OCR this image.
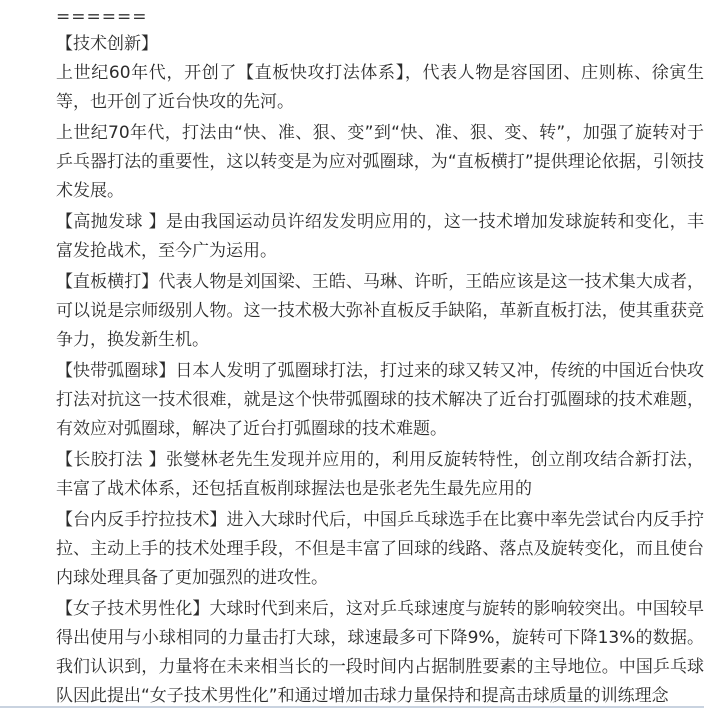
======
【技术创新】

上世纪60年代，开创了【直板快攻打法体系】，代表人物是容国团、庄则栋、徐寅生等，也开创了近台快攻的先河。

上世纪70年代，打法由“快、准、狠、变”到“快、准、狠、变、转”，加强了旋转对于乒乓器打法的重要性，这以转变是为应对弧圈球，为“直板横打”提供理论依据，引领技术发展。

【高抛发球 】是由我国运动员许绍发发明应用的，这一技术增加发球旋转和变化，丰富发抢战术，至今广为运用。

【直板横打】代表人物是刘国梁、王皓、马琳、许昕，王皓应该是这一技术集大成者，可以说是宗师级别人物。这一技术极大弥补直板反手缺陷，革新直板打法，使其重获竞争力，换发新生机。

【快带弧圈球】日本人发明了弧圈球打法，打过来的球又转又冲，传统的中国近台快攻打法对抗这一技术很难，就是这个快带弧圈球的技术解决了近台打弧圈球的技术难题，有效应对弧圈球，解决了近台打弧圈球的技术难题。

【长胶打法 】张燮林老先生发现并应用的，利用反旋转特性，创立削攻结合新打法，丰富了战术体系，还包括直板削球握法也是张老先生最先应用的

【台内反手拧拉技术】进入大球时代后，中国乒乓球选手在比赛中率先尝试台内反手拧拉、主动上手的技术处理手段，不但是丰富了回球的线路、落点及旋转变化，而且使台内球处理具备了更加强烈的进攻性。

【女子技术男性化】大球时代到来后，这对乒乓球速度与旋转的影响较突出。中国较早得出使用与小球相同的力量击打大球，球速最多可下降9%，旋转可下降13%的数据。我们认识到，力量将在未来相当长的一段时间内占据制胜要素的主导地位。中国乒乓球队因此提出“女子技术男性化”和通过增加击球力量保持和提高击球质量的训练理念
